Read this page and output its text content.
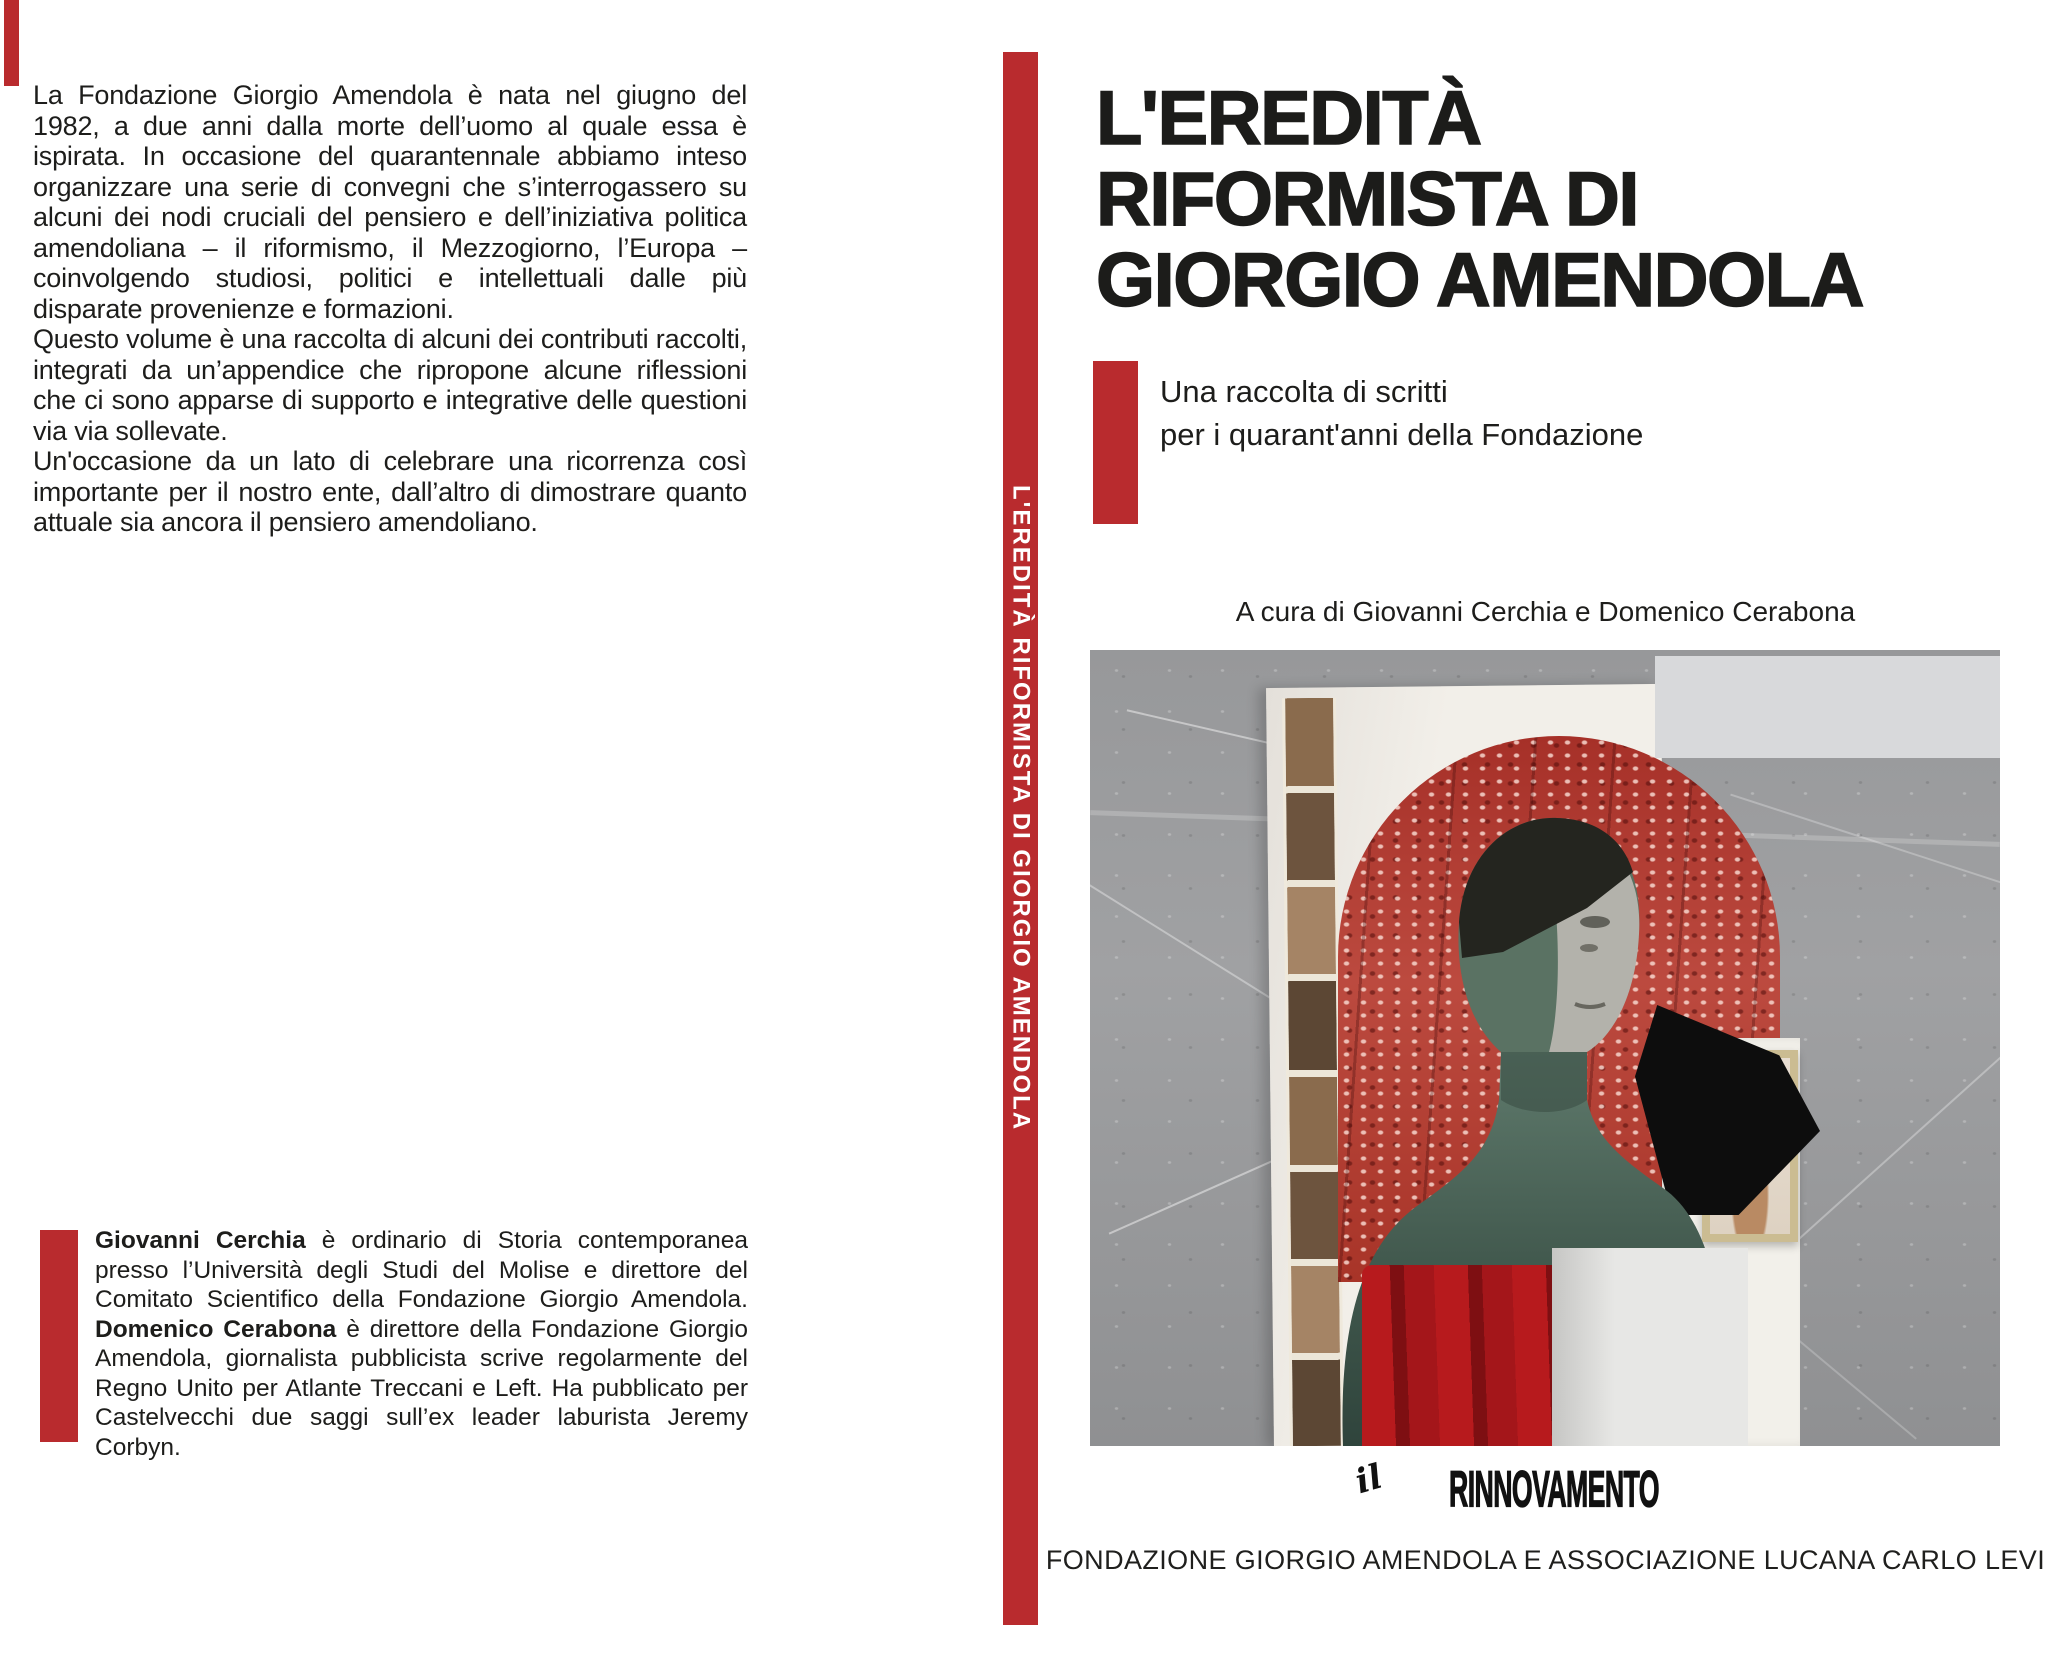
La Fondazione Giorgio Amendola è nata nel giugno del 1982, a due anni dalla morte dell’uomo al quale essa è ispirata. In occasione del quarantennale abbiamo inteso organizzare una serie di convegni che s’interrogassero su alcuni dei nodi cruciali del pensiero e dell’iniziativa politica amendoliana – il riformismo, il Mezzogiorno, l’Europa – coinvolgendo studiosi, politici e intellettuali dalle più disparate provenienze e formazioni.

Questo volume è una raccolta di alcuni dei contributi raccolti, integrati da un’appendice che ripropone alcune riflessioni che ci sono apparse di supporto e integrative delle questioni via via sollevate.

Un'occasione da un lato di celebrare una ricorrenza così importante per il nostro ente, dall’altro di dimostrare quanto attuale sia ancora il pensiero amendoliano.

Giovanni Cerchia è ordinario di Storia contemporanea presso l’Università degli Studi del Molise e direttore del Comitato Scientifico della Fondazione Giorgio Amendola. Domenico Cerabona è direttore della Fondazione Giorgio Amendola, giornalista pubblicista scrive regolarmente del Regno Unito per Atlante Treccani e Left. Ha pubblicato per Castelvecchi due saggi sull’ex leader laburista Jeremy Corbyn.

L'EREDITÀ RIFORMISTA DI GIORGIO AMENDOLA
L'EREDITÀ
RIFORMISTA DI
GIORGIO AMENDOLA
Una raccolta di scritti
per i quarant'anni della Fondazione
A cura di Giovanni Cerchia e Domenico Cerabona
il RINNOVAMENTO
FONDAZIONE GIORGIO AMENDOLA E ASSOCIAZIONE LUCANA CARLO LEVI
